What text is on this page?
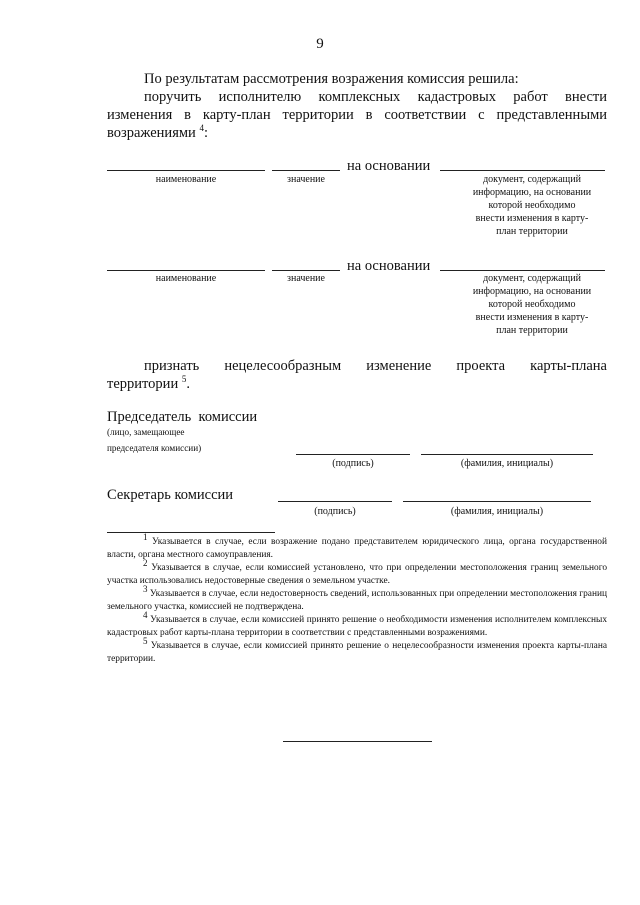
9
По результатам рассмотрения возражения комиссия решила:
поручить исполнителю комплексных кадастровых работ внести
изменения в карту-план территории в соответствии с представленными
возражениями $^4$:
на основании
наименование	значение	документ, содержащий
информацию, на основании
которой необходимо
внести изменения в карту-
план территории
на основании
наименование	значение	документ, содержащий
информацию, на основании
которой необходимо
внести изменения в карту-
план территории
признать   нецелесообразным   изменение   проекта   карты-плана
территории $^5$.
Председатель  комиссии
(лицо, замещающее
председателя комиссии)
(подпись)	(фамилия, инициалы)
Секретарь комиссии
(подпись)	(фамилия, инициалы)
$^1$ Указывается в случае, если возражение подано представителем юридического лица, органа государственной власти, органа местного самоуправления.
$^2$ Указывается в случае, если комиссией установлено, что при определении местоположения границ земельного участка использовались недостоверные сведения о земельном участке.
$^3$ Указывается в случае, если недостоверность сведений, использованных при определении местоположения границ земельного участка, комиссией не подтверждена.
$^4$ Указывается в случае, если комиссией принято решение о необходимости изменения исполнителем комплексных кадастровых работ карты-плана территории в соответствии с представленными возражениями.
$^5$ Указывается в случае, если комиссией принято решение о нецелесообразности изменения проекта карты-плана территории.
